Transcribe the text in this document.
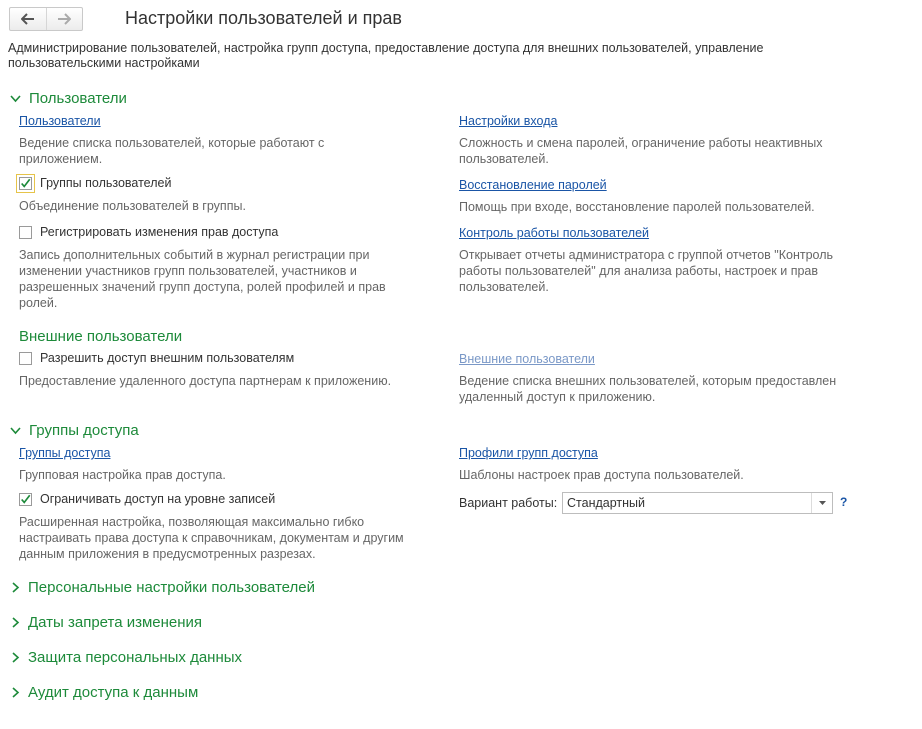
Настройки пользователей и прав
Администрирование пользователей, настройка групп доступа, предоставление доступа для внешних пользователей, управление пользовательскими настройками
Пользователи
Пользователи
Ведение списка пользователей, которые работают с приложением.
Группы пользователей
Объединение пользователей в группы.
Регистрировать изменения прав доступа
Запись дополнительных событий в журнал регистрации при изменении участников групп пользователей, участников и разрешенных значений групп доступа, ролей профилей и прав ролей.
Настройки входа
Сложность и смена паролей, ограничение работы неактивных пользователей.
Восстановление паролей
Помощь при входе, восстановление паролей пользователей.
Контроль работы пользователей
Открывает отчеты администратора с группой отчетов "Контроль работы пользователей" для анализа работы, настроек и прав пользователей.
Внешние пользователи
Разрешить доступ внешним пользователям
Предоставление удаленного доступа партнерам к приложению.
Внешние пользователи
Ведение списка внешних пользователей, которым предоставлен удаленный доступ к приложению.
Группы доступа
Группы доступа
Групповая настройка прав доступа.
Ограничивать доступ на уровне записей
Расширенная настройка, позволяющая максимально гибко настраивать права доступа к справочникам, документам и другим данным приложения в предусмотренных разрезах.
Профили групп доступа
Шаблоны настроек прав доступа пользователей.
Вариант работы: Стандартный	?
Персональные настройки пользователей
Даты запрета изменения
Защита персональных данных
Аудит доступа к данным
